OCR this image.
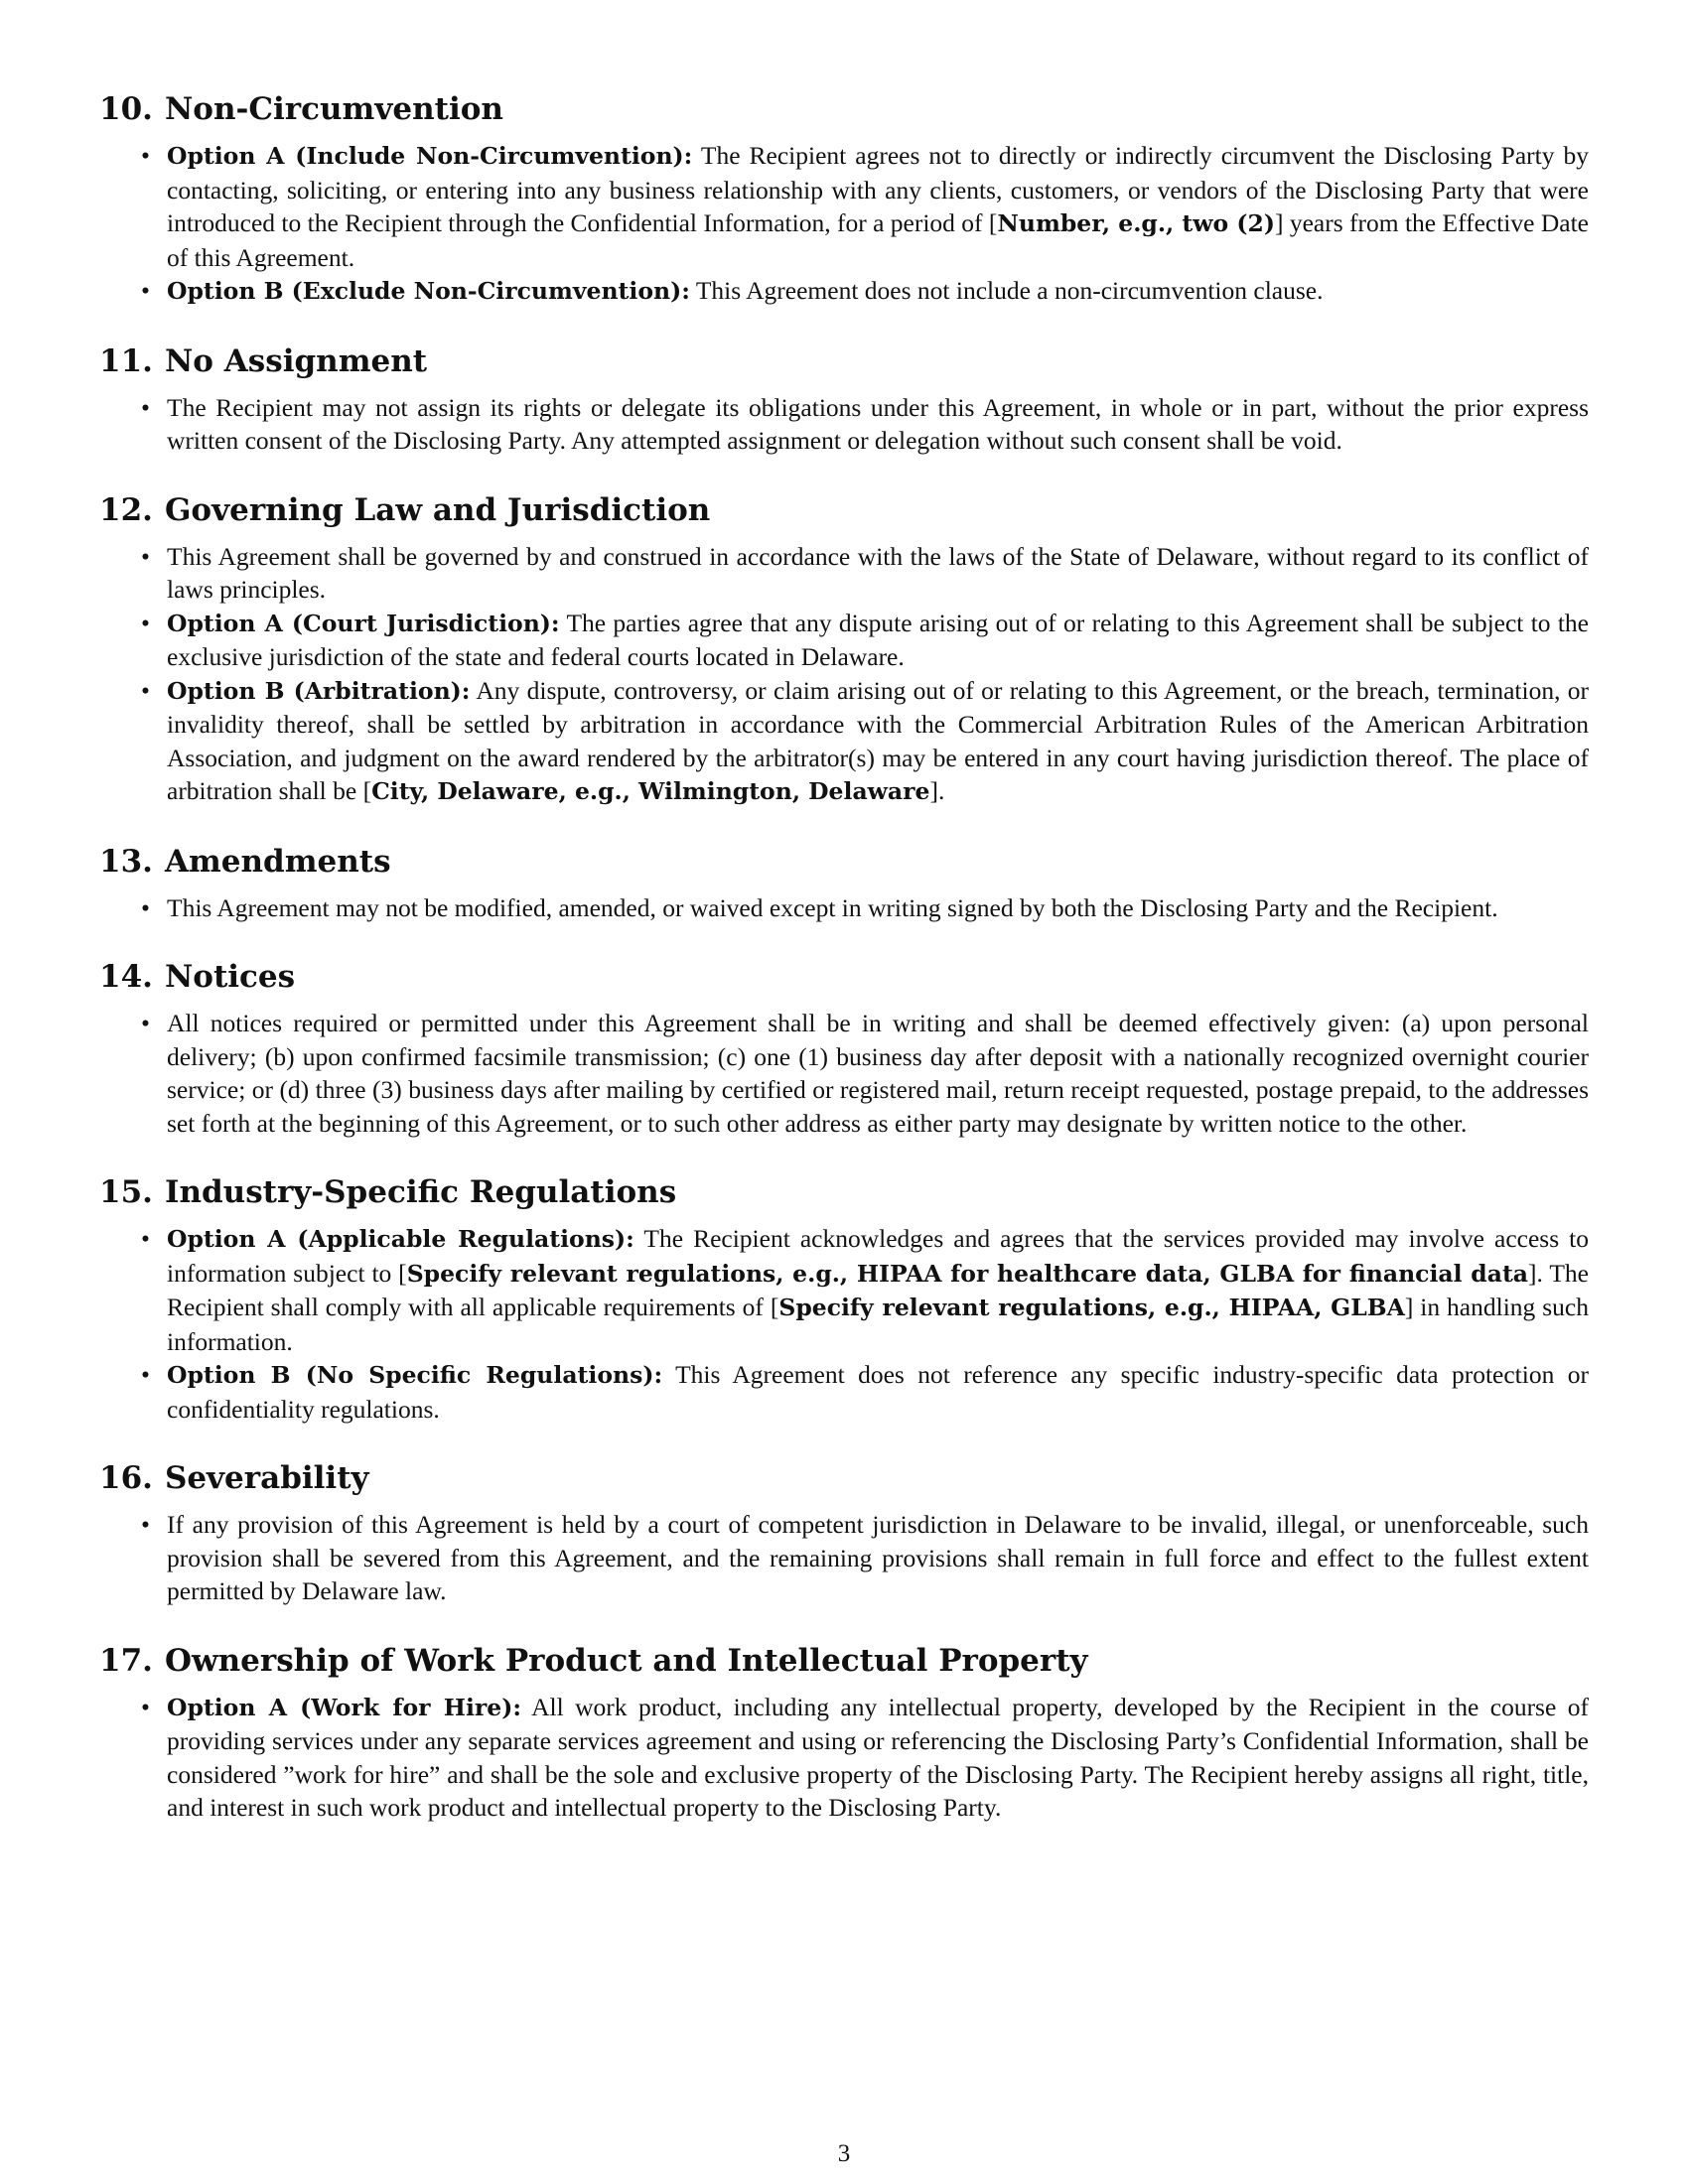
10. Non-Circumvention
• Option A (Include Non-Circumvention): The Recipient agrees not to directly or indirectly circumvent the Disclosing Party by contacting, soliciting, or entering into any business relationship with any clients, customers, or vendors of the Disclosing Party that were introduced to the Recipient through the Confidential Information, for a period of [Number, e.g., two (2)] years from the Effective Date of this Agreement.
• Option B (Exclude Non-Circumvention): This Agreement does not include a non-circumvention clause.
11. No Assignment
• The Recipient may not assign its rights or delegate its obligations under this Agreement, in whole or in part, without the prior express written consent of the Disclosing Party. Any attempted assignment or delegation without such consent shall be void.
12. Governing Law and Jurisdiction
• This Agreement shall be governed by and construed in accordance with the laws of the State of Delaware, without regard to its conflict of laws principles.
• Option A (Court Jurisdiction): The parties agree that any dispute arising out of or relating to this Agreement shall be subject to the exclusive jurisdiction of the state and federal courts located in Delaware.
• Option B (Arbitration): Any dispute, controversy, or claim arising out of or relating to this Agreement, or the breach, termination, or invalidity thereof, shall be settled by arbitration in accordance with the Commercial Arbitration Rules of the American Arbitration Association, and judgment on the award rendered by the arbitrator(s) may be entered in any court having jurisdiction thereof. The place of arbitration shall be [City, Delaware, e.g., Wilmington, Delaware].
13. Amendments
• This Agreement may not be modified, amended, or waived except in writing signed by both the Disclosing Party and the Recipient.
14. Notices
• All notices required or permitted under this Agreement shall be in writing and shall be deemed effectively given: (a) upon personal delivery; (b) upon confirmed facsimile transmission; (c) one (1) business day after deposit with a nationally recognized overnight courier service; or (d) three (3) business days after mailing by certified or registered mail, return receipt requested, postage prepaid, to the addresses set forth at the beginning of this Agreement, or to such other address as either party may designate by written notice to the other.
15. Industry-Specific Regulations
• Option A (Applicable Regulations): The Recipient acknowledges and agrees that the services provided may involve access to information subject to [Specify relevant regulations, e.g., HIPAA for healthcare data, GLBA for financial data]. The Recipient shall comply with all applicable requirements of [Specify relevant regulations, e.g., HIPAA, GLBA] in handling such information.
• Option B (No Specific Regulations): This Agreement does not reference any specific industry-specific data protection or confidentiality regulations.
16. Severability
• If any provision of this Agreement is held by a court of competent jurisdiction in Delaware to be invalid, illegal, or unenforceable, such provision shall be severed from this Agreement, and the remaining provisions shall remain in full force and effect to the fullest extent permitted by Delaware law.
17. Ownership of Work Product and Intellectual Property
• Option A (Work for Hire): All work product, including any intellectual property, developed by the Recipient in the course of providing services under any separate services agreement and using or referencing the Disclosing Party’s Confidential Information, shall be considered ”work for hire” and shall be the sole and exclusive property of the Disclosing Party. The Recipient hereby assigns all right, title, and interest in such work product and intellectual property to the Disclosing Party.
3
